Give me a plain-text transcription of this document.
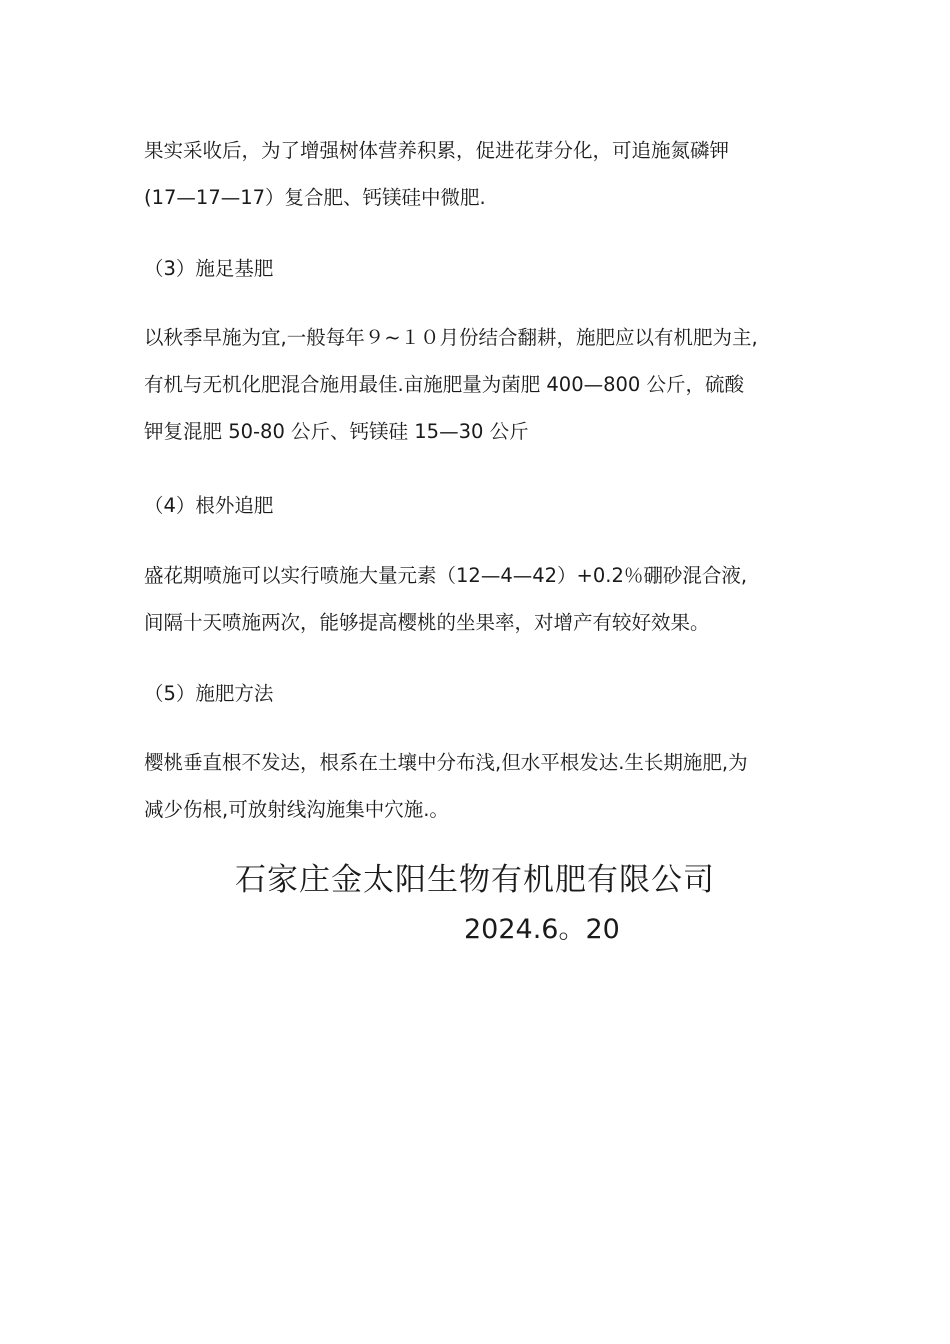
果实采收后，为了增强树体营养积累，促进花芽分化，可追施氮磷钾
(17—17—17）复合肥、钙镁硅中微肥.

（3）施足基肥

以秋季早施为宜,一般每年９~１０月份结合翻耕，施肥应以有机肥为主,
有机与无机化肥混合施用最佳.亩施肥量为菌肥 400—800 公斤，硫酸
钾复混肥 50-80 公斤、钙镁硅 15—30 公斤

（4）根外追肥

盛花期喷施可以实行喷施大量元素（12—4—42）+0.2％硼砂混合液,
间隔十天喷施两次，能够提高樱桃的坐果率，对增产有较好效果。

（5）施肥方法

樱桃垂直根不发达，根系在土壤中分布浅,但水平根发达.生长期施肥,为
减少伤根,可放射线沟施集中穴施.。

石家庄金太阳生物有机肥有限公司

2024.6。20
